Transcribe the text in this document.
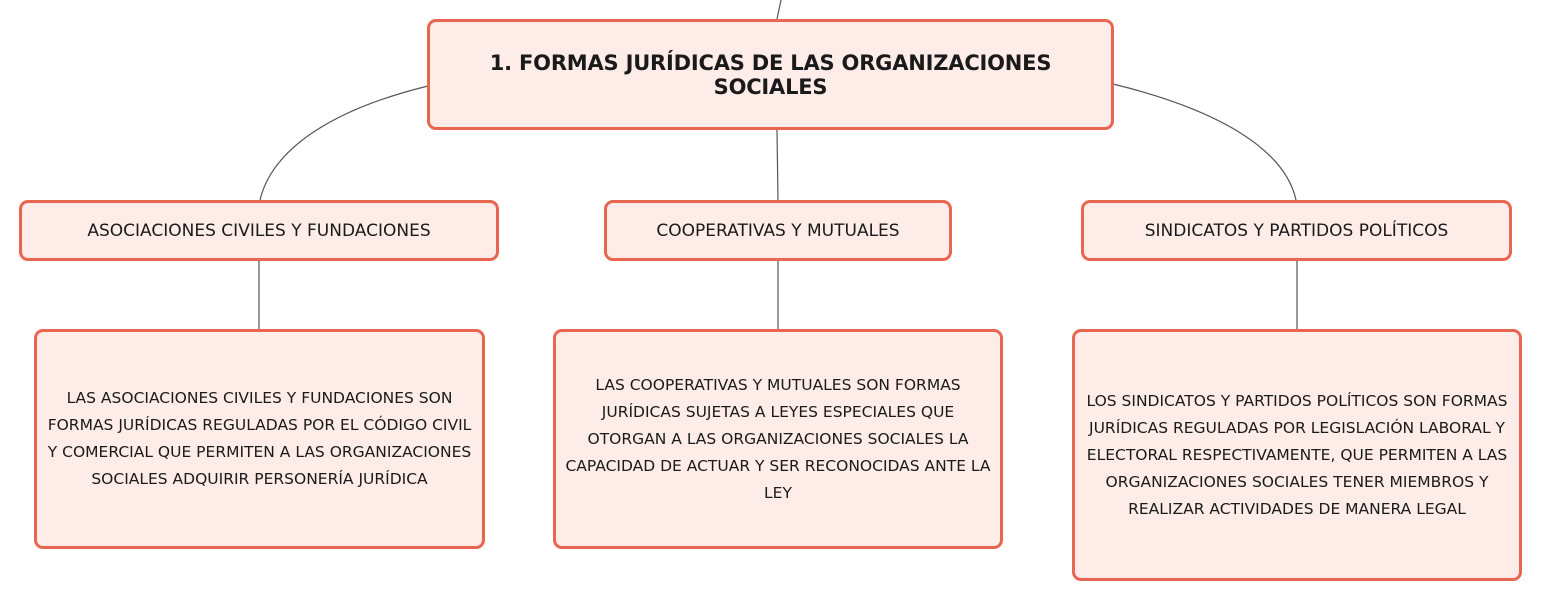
1. FORMAS JURÍDICAS DE LAS ORGANIZACIONES SOCIALES
ASOCIACIONES CIVILES Y FUNDACIONES	COOPERATIVAS Y MUTUALES	SINDICATOS Y PARTIDOS POLÍTICOS
LAS ASOCIACIONES CIVILES Y FUNDACIONES SON FORMAS JURÍDICAS REGULADAS POR EL CÓDIGO CIVIL Y COMERCIAL QUE PERMITEN A LAS ORGANIZACIONES SOCIALES ADQUIRIR PERSONERÍA JURÍDICA
LAS COOPERATIVAS Y MUTUALES SON FORMAS JURÍDICAS SUJETAS A LEYES ESPECIALES QUE OTORGAN A LAS ORGANIZACIONES SOCIALES LA CAPACIDAD DE ACTUAR Y SER RECONOCIDAS ANTE LA LEY
LOS SINDICATOS Y PARTIDOS POLÍTICOS SON FORMAS JURÍDICAS REGULADAS POR LEGISLACIÓN LABORAL Y ELECTORAL RESPECTIVAMENTE, QUE PERMITEN A LAS ORGANIZACIONES SOCIALES TENER MIEMBROS Y REALIZAR ACTIVIDADES DE MANERA LEGAL
